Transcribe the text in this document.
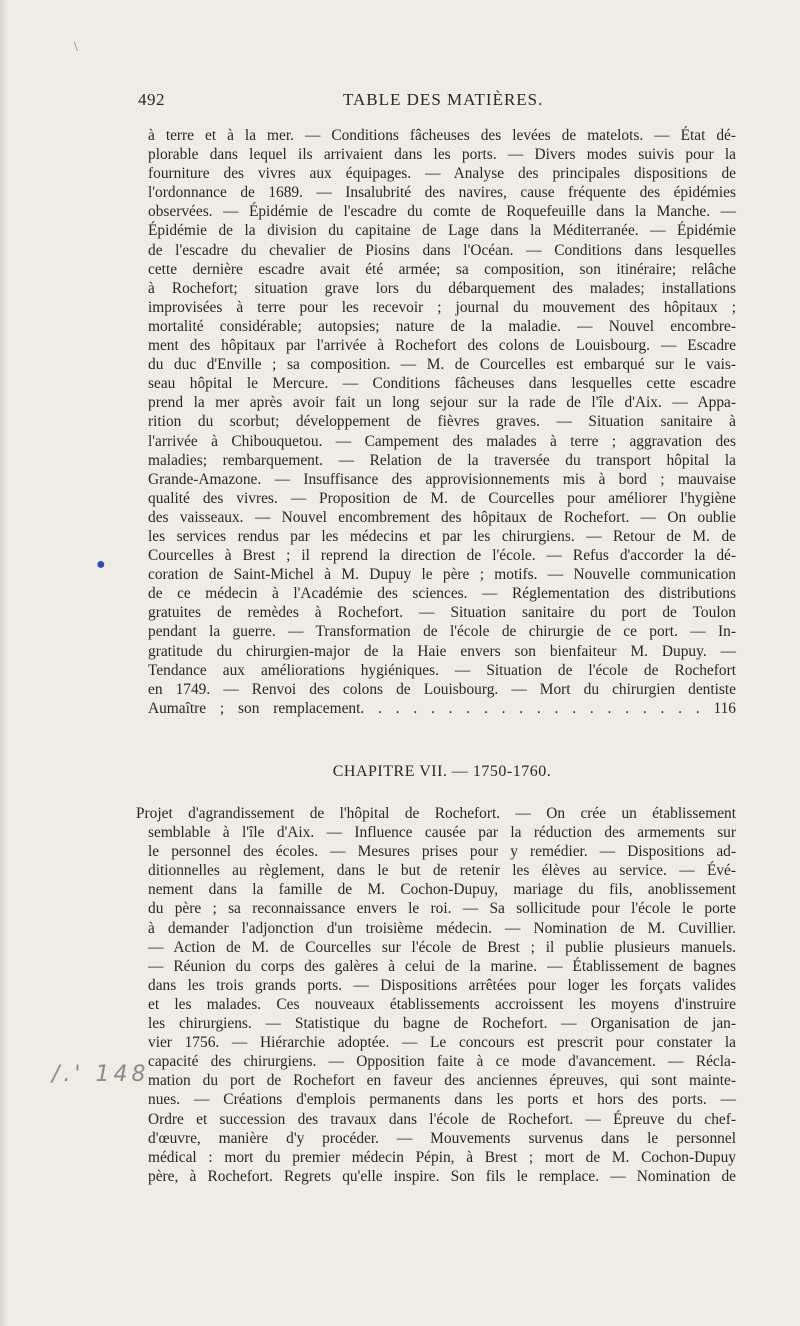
\
492	TABLE DES MATIÈRES.
à terre et à la mer. — Conditions fâcheuses des levées de matelots. — État dé-
plorable dans lequel ils arrivaient dans les ports. — Divers modes suivis pour la
fourniture des vivres aux équipages. — Analyse des principales dispositions de
l'ordonnance de 1689. — Insalubrité des navires, cause fréquente des épidémies
observées. — Épidémie de l'escadre du comte de Roquefeuille dans la Manche. —
Épidémie de la division du capitaine de Lage dans la Méditerranée. — Épidémie
de l'escadre du chevalier de Piosins dans l'Océan. — Conditions dans lesquelles
cette dernière escadre avait été armée; sa composition, son itinéraire; relâche
à Rochefort; situation grave lors du débarquement des malades; installations
improvisées à terre pour les recevoir ; journal du mouvement des hôpitaux ;
mortalité considérable; autopsies; nature de la maladie. — Nouvel encombre-
ment des hôpitaux par l'arrivée à Rochefort des colons de Louisbourg. — Escadre
du duc d'Enville ; sa composition. — M. de Courcelles est embarqué sur le vais-
seau hôpital le Mercure. — Conditions fâcheuses dans lesquelles cette escadre
prend la mer après avoir fait un long sejour sur la rade de l'île d'Aix. — Appa-
rition du scorbut; développement de fièvres graves. — Situation sanitaire à
l'arrivée à Chibouquetou. — Campement des malades à terre ; aggravation des
maladies; rembarquement. — Relation de la traversée du transport hôpital la
Grande-Amazone. — Insuffisance des approvisionnements mis à bord ; mauvaise
qualité des vivres. — Proposition de M. de Courcelles pour améliorer l'hygiène
des vaisseaux. — Nouvel encombrement des hôpitaux de Rochefort. — On oublie
les services rendus par les médecins et par les chirurgiens. — Retour de M. de
Courcelles à Brest ; il reprend la direction de l'école. — Refus d'accorder la dé-
coration de Saint-Michel à M. Dupuy le père ; motifs. — Nouvelle communication
de ce médecin à l'Académie des sciences. — Réglementation des distributions
gratuites de remèdes à Rochefort. — Situation sanitaire du port de Toulon
pendant la guerre. — Transformation de l'école de chirurgie de ce port. — In-
gratitude du chirurgien-major de la Haie envers son bienfaiteur M. Dupuy. —
Tendance aux améliorations hygiéniques. — Situation de l'école de Rochefort
en 1749. — Renvoi des colons de Louisbourg. — Mort du chirurgien dentiste
Aumaître ; son remplacement. . . . . . . . . . . . . . . . . . . . 116
●
CHAPITRE VII. — 1750-1760.
Projet d'agrandissement de l'hôpital de Rochefort. — On crée un établissement
semblable à l'île d'Aix. — Influence causée par la réduction des armements sur
le personnel des écoles. — Mesures prises pour y remédier. — Dispositions ad-
ditionnelles au règlement, dans le but de retenir les élèves au service. — Évé-
nement dans la famille de M. Cochon-Dupuy, mariage du fils, anoblissement
du père ; sa reconnaissance envers le roi. — Sa sollicitude pour l'école le porte
à demander l'adjonction d'un troisième médecin. — Nomination de M. Cuvillier.
— Action de M. de Courcelles sur l'école de Brest ; il publie plusieurs manuels.
— Réunion du corps des galères à celui de la marine. — Établissement de bagnes
dans les trois grands ports. — Dispositions arrêtées pour loger les forçats valides
et les malades. Ces nouveaux établissements accroissent les moyens d'instruire
les chirurgiens. — Statistique du bagne de Rochefort. — Organisation de jan-
vier 1756. — Hiérarchie adoptée. — Le concours est prescrit pour constater la
capacité des chirurgiens. — Opposition faite à ce mode d'avancement. — Récla-
mation du port de Rochefort en faveur des anciennes épreuves, qui sont mainte-
nues. — Créations d'emplois permanents dans les ports et hors des ports. —
Ordre et succession des travaux dans l'école de Rochefort. — Épreuve du chef-
d'œuvre, manière d'y procéder. — Mouvements survenus dans le personnel
médical : mort du premier médecin Pépin, à Brest ; mort de M. Cochon-Dupuy
père, à Rochefort. Regrets qu'elle inspire. Son fils le remplace. — Nomination de
/.' 148
